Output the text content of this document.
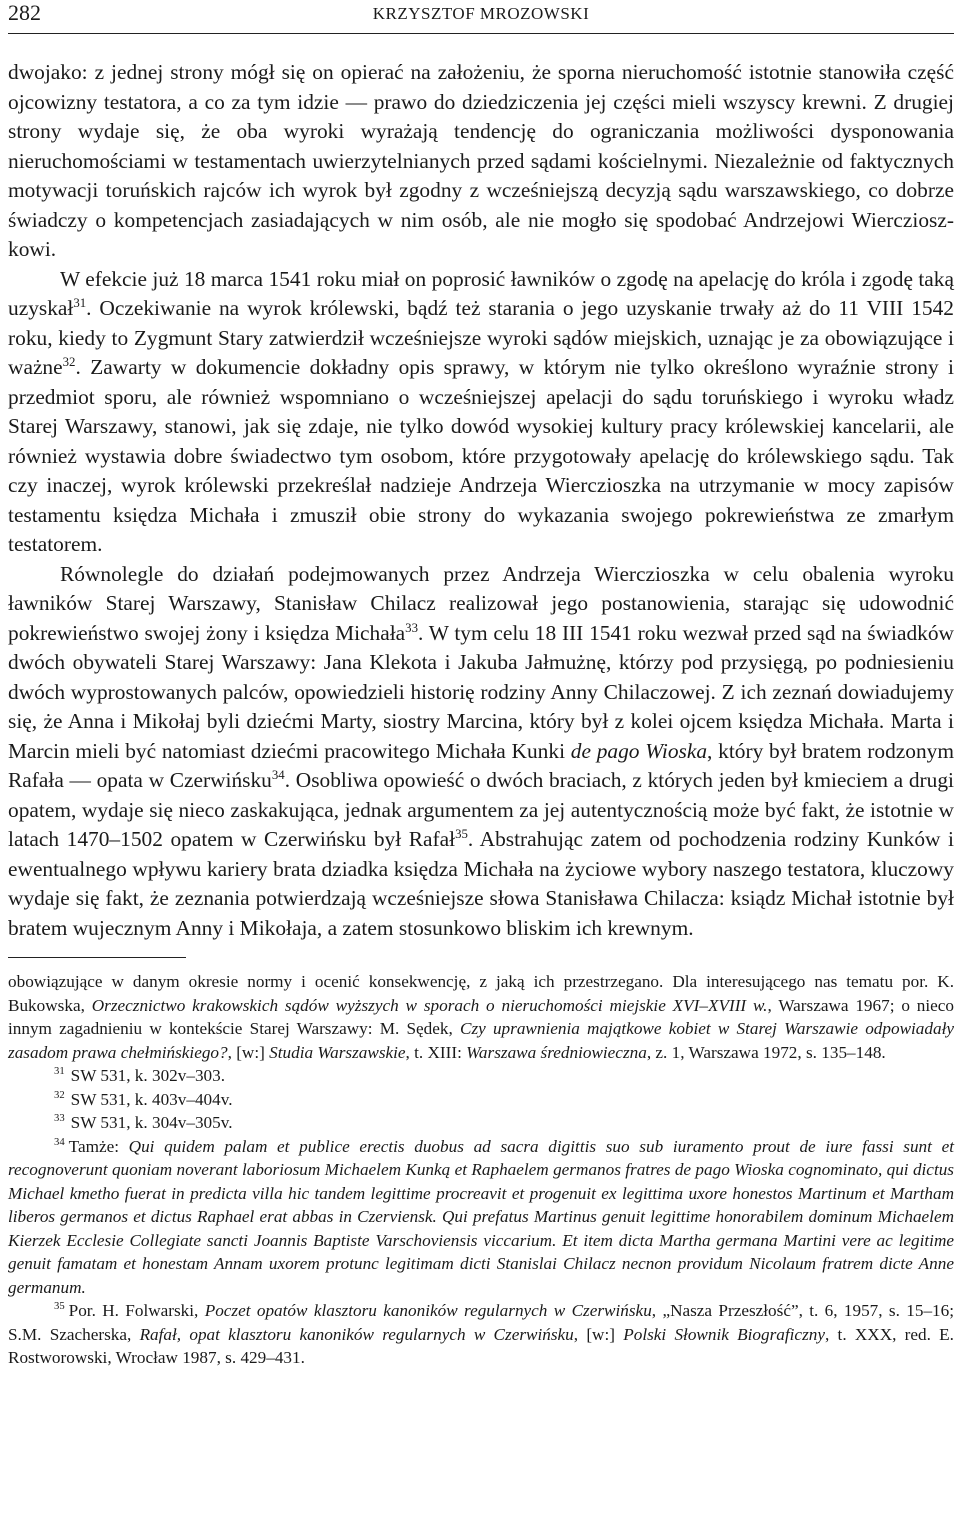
282	KRZYSZTOF MROZOWSKI

dwojako: z jednej strony mógł się on opierać na założeniu, że sporna nieruchomość istotnie stanowiła część ojcowizny testatora, a co za tym idzie — prawo do dziedziczenia jej części mieli wszyscy krewni. Z drugiej strony wydaje się, że oba wyroki wyrażają tendencję do ograniczania możliwości dysponowania nieruchomościami w testamentach uwierzytelnianych przed sądami kościelnymi. Niezależnie od faktycznych motywacji toruńskich rajców ich wyrok był zgodny z wcześniejszą decyzją sądu warszawskiego, co dobrze świadczy o kompetencjach zasiadających w nim osób, ale nie mogło się spodobać Andrzejowi Wierczioszkowi.

W efekcie już 18 marca 1541 roku miał on poprosić ławników o zgodę na apelację do króla i zgodę taką uzyskał$^{31}$. Oczekiwanie na wyrok królewski, bądź też starania o jego uzyskanie trwały aż do 11 VIII 1542 roku, kiedy to Zygmunt Stary zatwierdził wcześniejsze wyroki sądów miejskich, uznając je za obowiązujące i ważne$^{32}$. Zawarty w dokumencie dokładny opis sprawy, w którym nie tylko określono wyraźnie strony i przedmiot sporu, ale również wspomniano o wcześniejszej apelacji do sądu toruńskiego i wyroku władz Starej Warszawy, stanowi, jak się zdaje, nie tylko dowód wysokiej kultury pracy królewskiej kancelarii, ale również wystawia dobre świadectwo tym osobom, które przygotowały apelację do królewskiego sądu. Tak czy inaczej, wyrok królewski przekreślał nadzieje Andrzeja Wierczioszka na utrzymanie w mocy zapisów testamentu księdza Michała i zmusził obie strony do wykazania swojego pokrewieństwa ze zmarłym testatorem.

Równolegle do działań podejmowanych przez Andrzeja Wierczioszka w celu obalenia wyroku ławników Starej Warszawy, Stanisław Chilacz realizował jego postanowienia, starając się udowodnić pokrewieństwo swojej żony i księdza Michała$^{33}$. W tym celu 18 III 1541 roku wezwał przed sąd na świadków dwóch obywateli Starej Warszawy: Jana Klekota i Jakuba Jałmużnę, którzy pod przysięgą, po podniesieniu dwóch wyprostowanych palców, opowiedzieli historię rodziny Anny Chilaczowej. Z ich zeznań dowiadujemy się, że Anna i Mikołaj byli dziećmi Marty, siostry Marcina, który był z kolei ojcem księdza Michała. Marta i Marcin mieli być natomiast dziećmi pracowitego Michała Kunki de pago Wioska, który był bratem rodzonym Rafała — opata w Czerwińsku$^{34}$. Osobliwa opowieść o dwóch braciach, z których jeden był kmieciem a drugi opatem, wydaje się nieco zaskakująca, jednak argumentem za jej autentycznością może być fakt, że istotnie w latach 1470–1502 opatem w Czerwińsku był Rafał$^{35}$. Abstrahując zatem od pochodzenia rodziny Kunków i ewentualnego wpływu kariery brata dziadka księdza Michała na życiowe wybory naszego testatora, kluczowy wydaje się fakt, że zeznania potwierdzają wcześniejsze słowa Stanisława Chilacza: ksiądz Michał istotnie był bratem wujecznym Anny i Mikołaja, a zatem stosunkowo bliskim ich krewnym.

obowiązujące w danym okresie normy i ocenić konsekwencję, z jaką ich przestrzegano. Dla interesującego nas tematu por. K. Bukowska, Orzecznictwo krakowskich sądów wyższych w sporach o nieruchomości miejskie XVI–XVIII w., Warszawa 1967; o nieco innym zagadnieniu w kontekście Starej Warszawy: M. Sędek, Czy uprawnienia majątkowe kobiet w Starej Warszawie odpowiadały zasadom prawa chełmińskiego?, [w:] Studia Warszawskie, t. XIII: Warszawa średniowieczna, z. 1, Warszawa 1972, s. 135–148.

$^{31}$ SW 531, k. 302v–303.

$^{32}$ SW 531, k. 403v–404v.

$^{33}$ SW 531, k. 304v–305v.

$^{34}$ Tamże: Qui quidem palam et publice erectis duobus ad sacra digittis suo sub iuramento prout de iure fassi sunt et recognoverunt quoniam noverant laboriosum Michaelem Kunką et Raphaelem germanos fratres de pago Wioska cognominato, qui dictus Michael kmetho fuerat in predicta villa hic tandem legittime procreavit et progenuit ex legittima uxore honestos Martinum et Martham liberos germanos et dictus Raphael erat abbas in Czerviensk. Qui prefatus Martinus genuit legittime honorabilem dominum Michaelem Kierzek Ecclesie Collegiate sancti Joannis Baptiste Varschoviensis viccarium. Et item dicta Martha germana Martini vere ac legitime genuit famatam et honestam Annam uxorem protunc legitimam dicti Stanislai Chilacz necnon providum Nicolaum fratrem dicte Anne germanum.

$^{35}$ Por. H. Folwarski, Poczet opatów klasztoru kanoników regularnych w Czerwińsku, „Nasza Przeszłość”, t. 6, 1957, s. 15–16; S.M. Szacherska, Rafał, opat klasztoru kanoników regularnych w Czerwińsku, [w:] Polski Słownik Biograficzny, t. XXX, red. E. Rostworowski, Wrocław 1987, s. 429–431.
